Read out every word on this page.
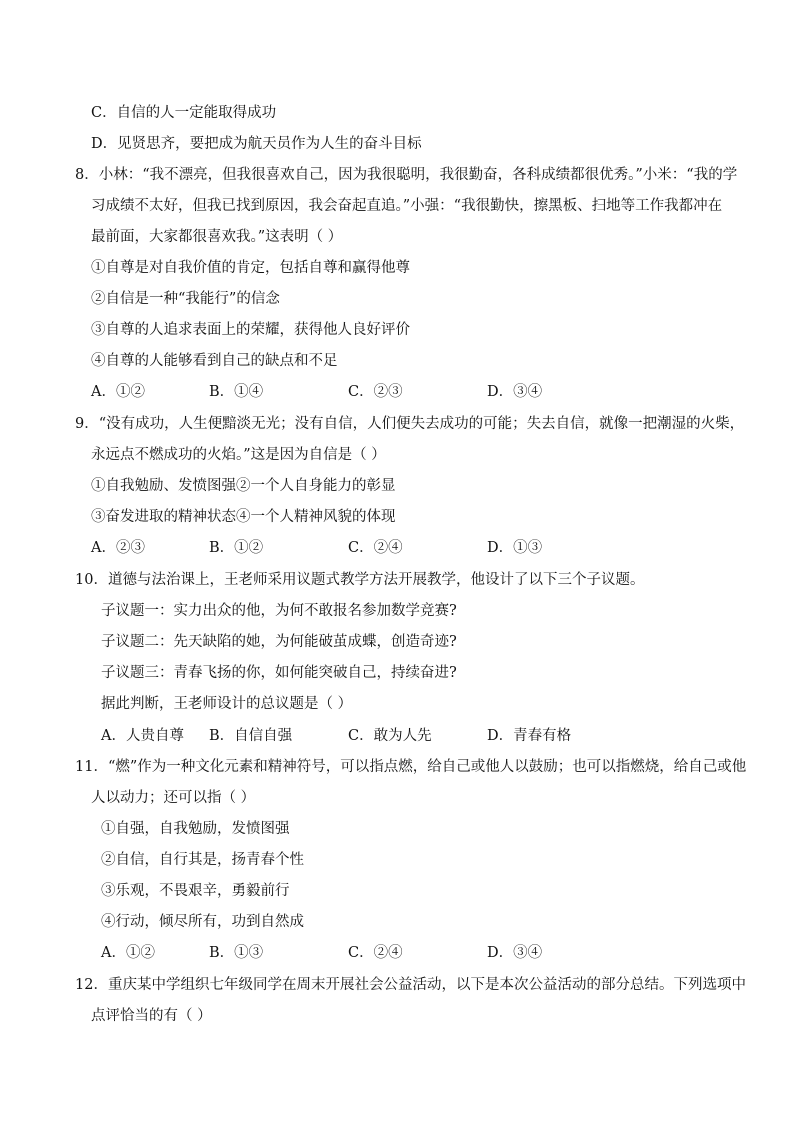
C．自信的人一定能取得成功
D．见贤思齐，要把成为航天员作为人生的奋斗目标
8．小林：“我不漂亮，但我很喜欢自己，因为我很聪明，我很勤奋，各科成绩都很优秀。”小米：“我的学
习成绩不太好，但我已找到原因，我会奋起直追。”小强：“我很勤快，擦黑板、扫地等工作我都冲在
最前面，大家都很喜欢我。”这表明（ ）
①自尊是对自我价值的肯定，包括自尊和赢得他尊
②自信是一种“我能行”的信念
③自尊的人追求表面上的荣耀，获得他人良好评价
④自尊的人能够看到自己的缺点和不足
A．①②	B．①④	C．②③	D．③④
9．“没有成功，人生便黯淡无光；没有自信，人们便失去成功的可能；失去自信，就像一把潮湿的火柴，
永远点不燃成功的火焰。”这是因为自信是（ ）
①自我勉励、发愤图强②一个人自身能力的彰显
③奋发进取的精神状态④一个人精神风貌的体现
A．②③	B．①②	C．②④	D．①③
10．道德与法治课上，王老师采用议题式教学方法开展教学，他设计了以下三个子议题。
子议题一：实力出众的他，为何不敢报名参加数学竞赛?
子议题二：先天缺陷的她，为何能破茧成蝶，创造奇迹?
子议题三：青春飞扬的你，如何能突破自己，持续奋进?
据此判断，王老师设计的总议题是（ ）
A．人贵自尊 B．自信自强	C．敢为人先	D．青春有格
11．“燃”作为一种文化元素和精神符号，可以指点燃，给自己或他人以鼓励；也可以指燃烧，给自己或他
人以动力；还可以指（ ）
①自强，自我勉励，发愤图强
②自信，自行其是，扬青春个性
③乐观，不畏艰辛，勇毅前行
④行动，倾尽所有，功到自然成
A．①②	B．①③	C．②④	D．③④
12．重庆某中学组织七年级同学在周末开展社会公益活动，以下是本次公益活动的部分总结。下列选项中
点评恰当的有（ ）
